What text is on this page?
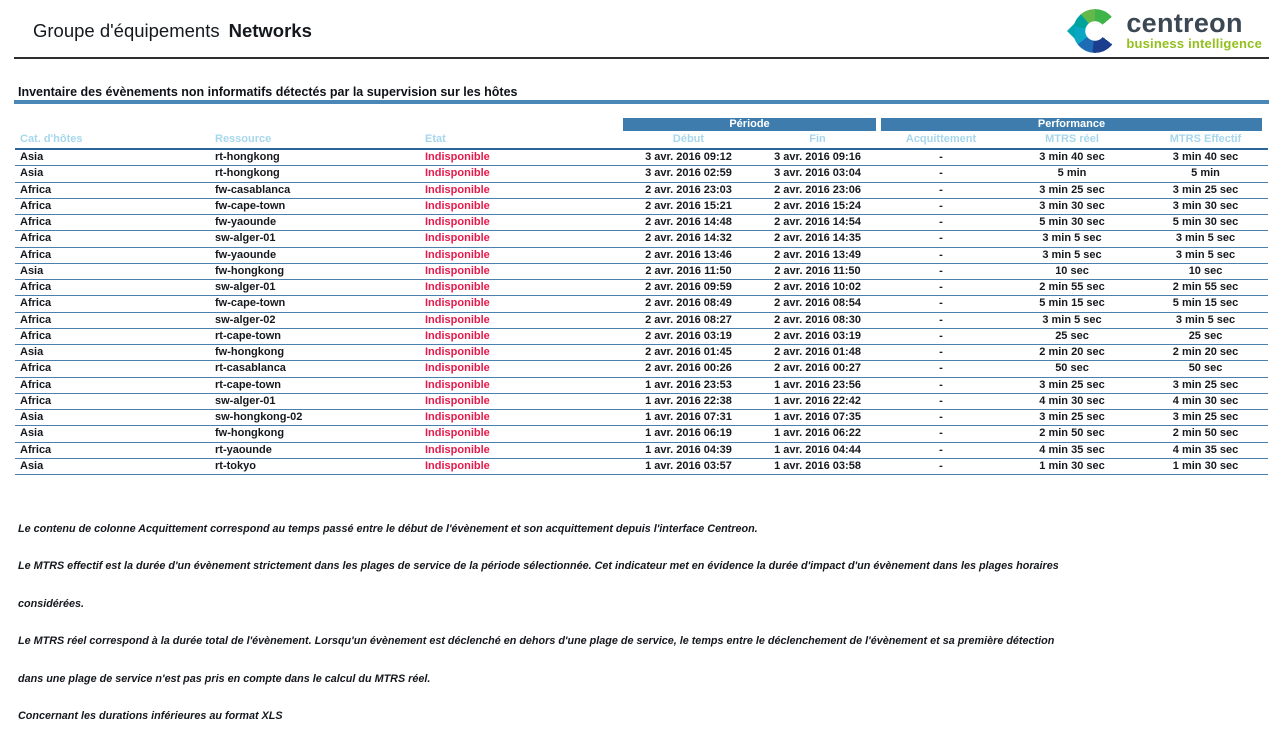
Groupe d'équipements Networks	centreon
business intelligence
Inventaire des évènements non informatifs détectés par la supervision sur les hôtes
			Période		Performance		
Cat. d'hôtes	Ressource	Etat	Début	Fin	Acquittement	MTRS réel	MTRS Effectif
Asia	rt-hongkong	Indisponible	3 avr. 2016 09:12	3 avr. 2016 09:16	-	3 min 40 sec	3 min 40 sec
Asia	rt-hongkong	Indisponible	3 avr. 2016 02:59	3 avr. 2016 03:04	-	5 min	5 min
Africa	fw-casablanca	Indisponible	2 avr. 2016 23:03	2 avr. 2016 23:06	-	3 min 25 sec	3 min 25 sec
Africa	fw-cape-town	Indisponible	2 avr. 2016 15:21	2 avr. 2016 15:24	-	3 min 30 sec	3 min 30 sec
Africa	fw-yaounde	Indisponible	2 avr. 2016 14:48	2 avr. 2016 14:54	-	5 min 30 sec	5 min 30 sec
Africa	sw-alger-01	Indisponible	2 avr. 2016 14:32	2 avr. 2016 14:35	-	3 min 5 sec	3 min 5 sec
Africa	fw-yaounde	Indisponible	2 avr. 2016 13:46	2 avr. 2016 13:49	-	3 min 5 sec	3 min 5 sec
Asia	fw-hongkong	Indisponible	2 avr. 2016 11:50	2 avr. 2016 11:50	-	10 sec	10 sec
Africa	sw-alger-01	Indisponible	2 avr. 2016 09:59	2 avr. 2016 10:02	-	2 min 55 sec	2 min 55 sec
Africa	fw-cape-town	Indisponible	2 avr. 2016 08:49	2 avr. 2016 08:54	-	5 min 15 sec	5 min 15 sec
Africa	sw-alger-02	Indisponible	2 avr. 2016 08:27	2 avr. 2016 08:30	-	3 min 5 sec	3 min 5 sec
Africa	rt-cape-town	Indisponible	2 avr. 2016 03:19	2 avr. 2016 03:19	-	25 sec	25 sec
Asia	fw-hongkong	Indisponible	2 avr. 2016 01:45	2 avr. 2016 01:48	-	2 min 20 sec	2 min 20 sec
Africa	rt-casablanca	Indisponible	2 avr. 2016 00:26	2 avr. 2016 00:27	-	50 sec	50 sec
Africa	rt-cape-town	Indisponible	1 avr. 2016 23:53	1 avr. 2016 23:56	-	3 min 25 sec	3 min 25 sec
Africa	sw-alger-01	Indisponible	1 avr. 2016 22:38	1 avr. 2016 22:42	-	4 min 30 sec	4 min 30 sec
Asia	sw-hongkong-02	Indisponible	1 avr. 2016 07:31	1 avr. 2016 07:35	-	3 min 25 sec	3 min 25 sec
Asia	fw-hongkong	Indisponible	1 avr. 2016 06:19	1 avr. 2016 06:22	-	2 min 50 sec	2 min 50 sec
Africa	rt-yaounde	Indisponible	1 avr. 2016 04:39	1 avr. 2016 04:44	-	4 min 35 sec	4 min 35 sec
Asia	rt-tokyo	Indisponible	1 avr. 2016 03:57	1 avr. 2016 03:58	-	1 min 30 sec	1 min 30 sec

Le contenu de colonne Acquittement correspond au temps passé entre le début de l'évènement et son acquittement depuis l'interface Centreon.

Le MTRS effectif est la durée d'un évènement strictement dans les plages de service de la période sélectionnée. Cet indicateur met en évidence la durée d'impact d'un évènement dans les plages horaires

considérées.

Le MTRS réel correspond à la durée total de l'évènement. Lorsqu'un évènement est déclenché en dehors d'une plage de service, le temps entre le déclenchement de l'évènement et sa première détection

dans une plage de service n'est pas pris en compte dans le calcul du MTRS réel.

Concernant les durations inférieures au format XLS
